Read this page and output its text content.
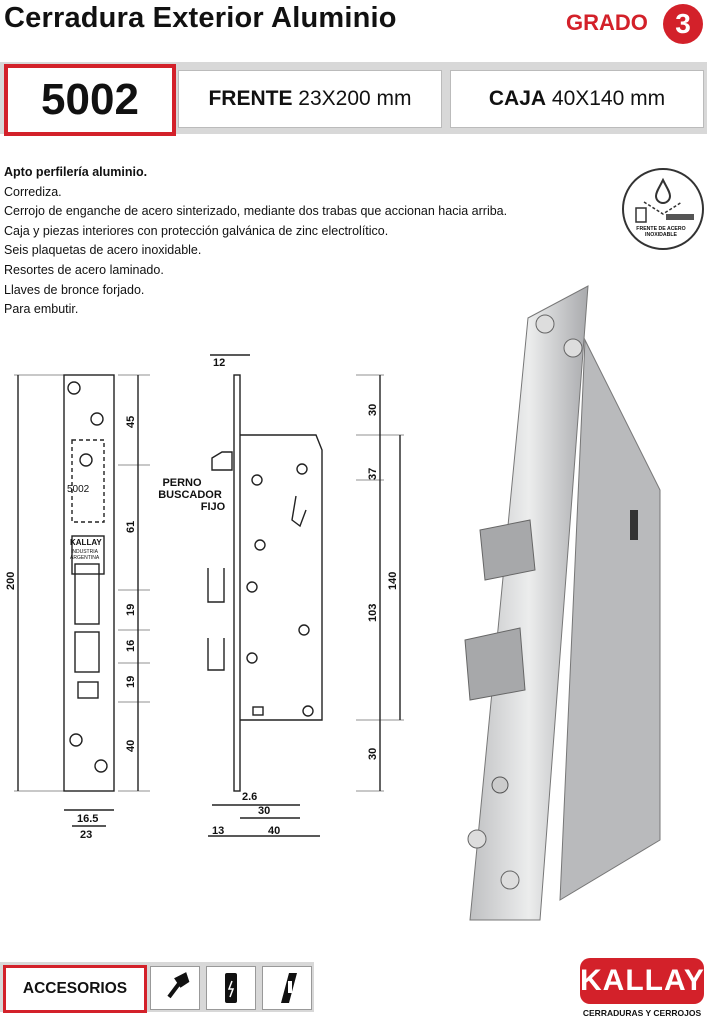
Cerradura Exterior Aluminio	GRADO 3
5002	FRENTE 23X200 mm	CAJA 40X140 mm
Apto perfilería aluminio.
Corrediza.
Cerrojo de enganche de acero sinterizado, mediante dos trabas que accionan hacia arriba.
Caja y piezas interiores con protección galvánica de zinc electrolítico.
Seis plaquetas de acero inoxidable.
Resortes de acero laminado.
Llaves de bronce forjado.
Para embutir.
FRENTE DE ACERO
INOXIDABLE
5002
KALLAY
INDUSTRIA
ARGENTINA
200
45
61
19
16
19
40
16.5
23
12
PERNO
BUSCADOR
FIJO
30
37
103
30
140
2.6
30
13	40
ACCESORIOS	KALLAY
CERRADURAS Y CERROJOS
